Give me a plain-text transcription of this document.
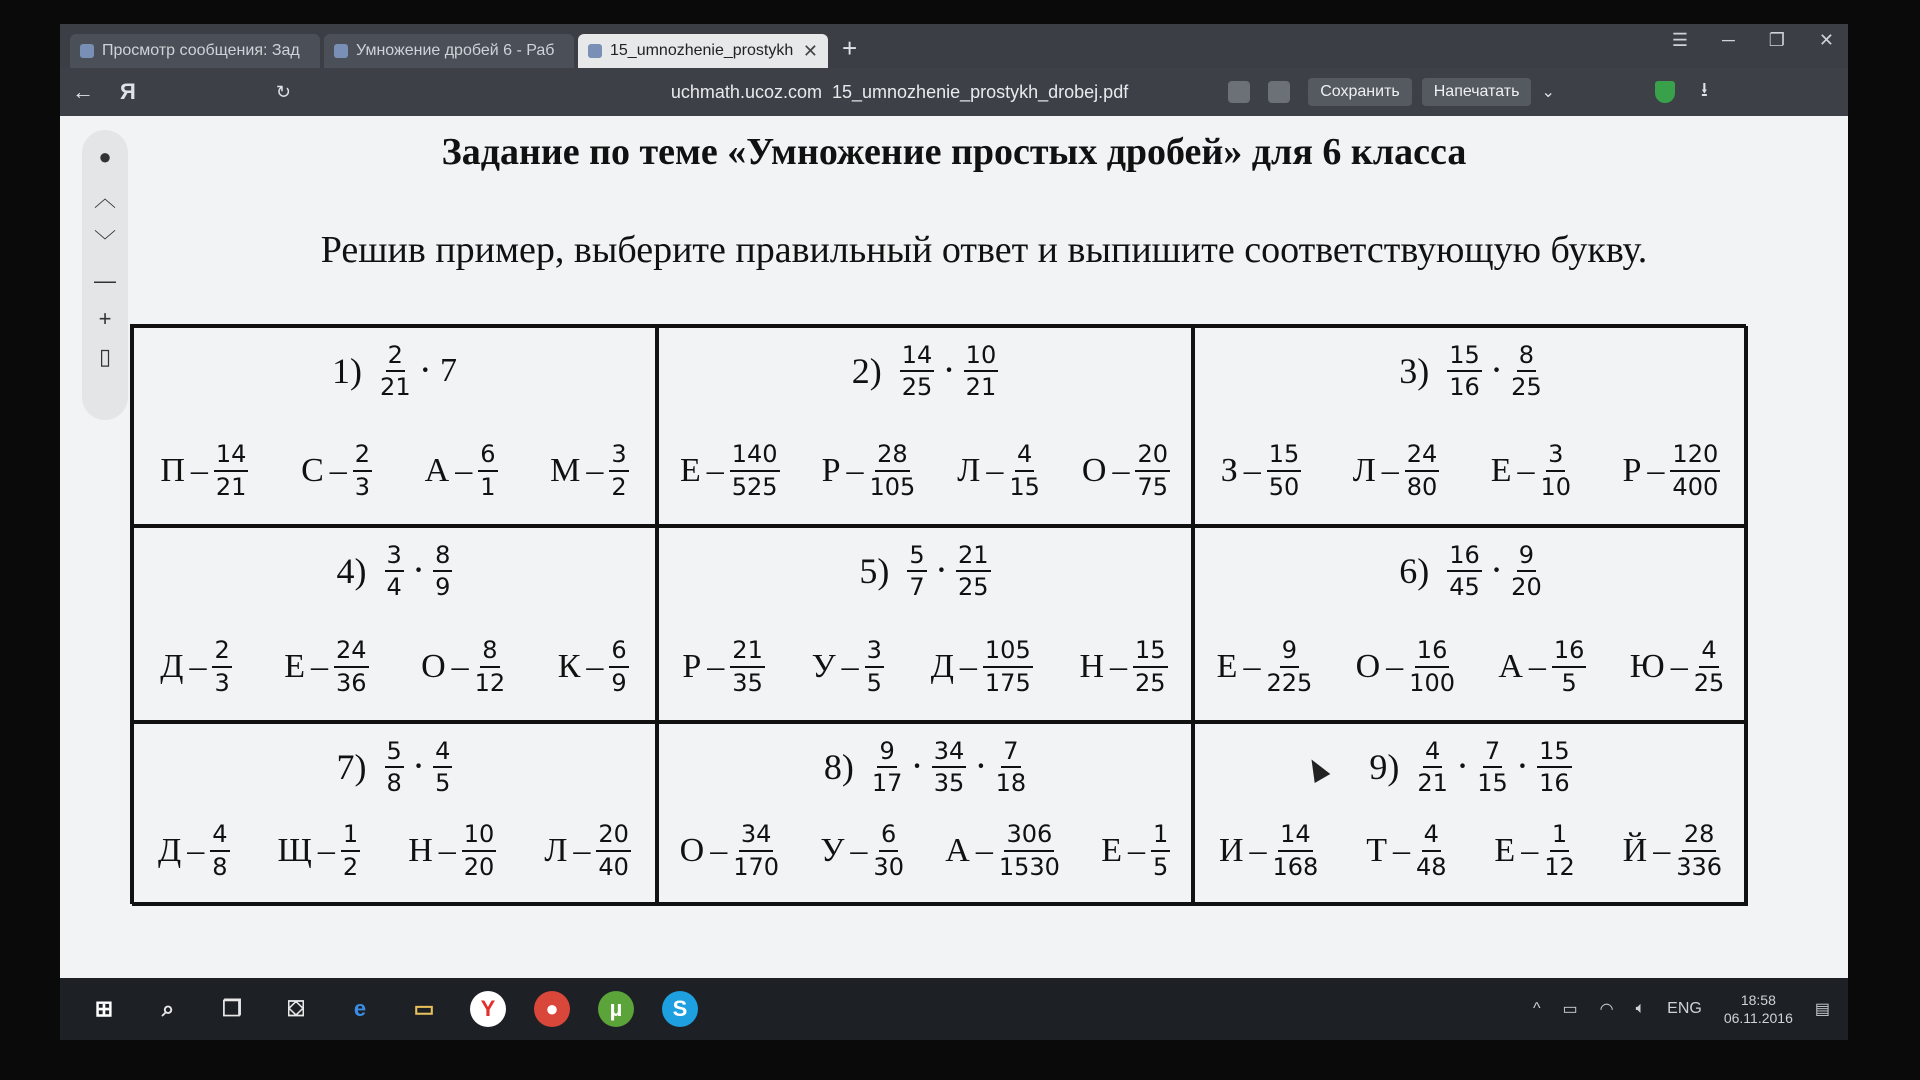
Просмотр сообщения: Зад	Умножение дробей 6 - Раб	15_umnozhenie_prostykh ✕ +	☰ ─ ❐ ✕
← Я	↻	uchmath.ucoz.com 15_umnozhenie_prostykh_drobej.pdf	Сохранить	Напечатать	⌄	⭳
●
︿
﹀
—
+
▯
Задание по теме «Умножение простых дробей» для 6 класса
Решив пример, выберите правильный ответ и выпишите соответствующую букву.
$1) \frac{2}{21} \cdot 7$
П – $\frac{14}{21}$ С – $\frac{2}{3}$ А – $\frac{6}{1}$ М – $\frac{3}{2}$
$2) \frac{14}{25} \cdot \frac{10}{21}$
Е – $\frac{140}{525}$ Р – $\frac{28}{105}$ Л – $\frac{4}{15}$ О – $\frac{20}{75}$
$3) \frac{15}{16} \cdot \frac{8}{25}$
З – $\frac{15}{50}$ Л – $\frac{24}{80}$ Е – $\frac{3}{10}$ Р – $\frac{120}{400}$
$4) \frac{3}{4} \cdot \frac{8}{9}$
Д – $\frac{2}{3}$ Е – $\frac{24}{36}$ О – $\frac{8}{12}$ К – $\frac{6}{9}$
$5) \frac{5}{7} \cdot \frac{21}{25}$
Р – $\frac{21}{35}$ У – $\frac{3}{5}$ Д – $\frac{105}{175}$ Н – $\frac{15}{25}$
$6) \frac{16}{45} \cdot \frac{9}{20}$
Е – $\frac{9}{225}$ О – $\frac{16}{100}$ А – $\frac{16}{5}$ Ю – $\frac{4}{25}$
$7) \frac{5}{8} \cdot \frac{4}{5}$
Д – $\frac{4}{8}$ Щ – $\frac{1}{2}$ Н – $\frac{10}{20}$ Л – $\frac{20}{40}$
$8) \frac{9}{17} \cdot \frac{34}{35} \cdot \frac{7}{18}$
О – $\frac{34}{170}$ У – $\frac{6}{30}$ А – $\frac{306}{1530}$ Е – $\frac{1}{5}$
$9) \frac{4}{21} \cdot \frac{7}{15} \cdot \frac{15}{16}$
И – $\frac{14}{168}$ Т – $\frac{4}{48}$ Е – $\frac{1}{12}$ Й – $\frac{28}{336}$
⊞	⌕	❐	⛋	e	▭	Y	●	µ	S	^ ▭ ◠ 🔈︎ ENG
18:58
06.11.2016 ▤
